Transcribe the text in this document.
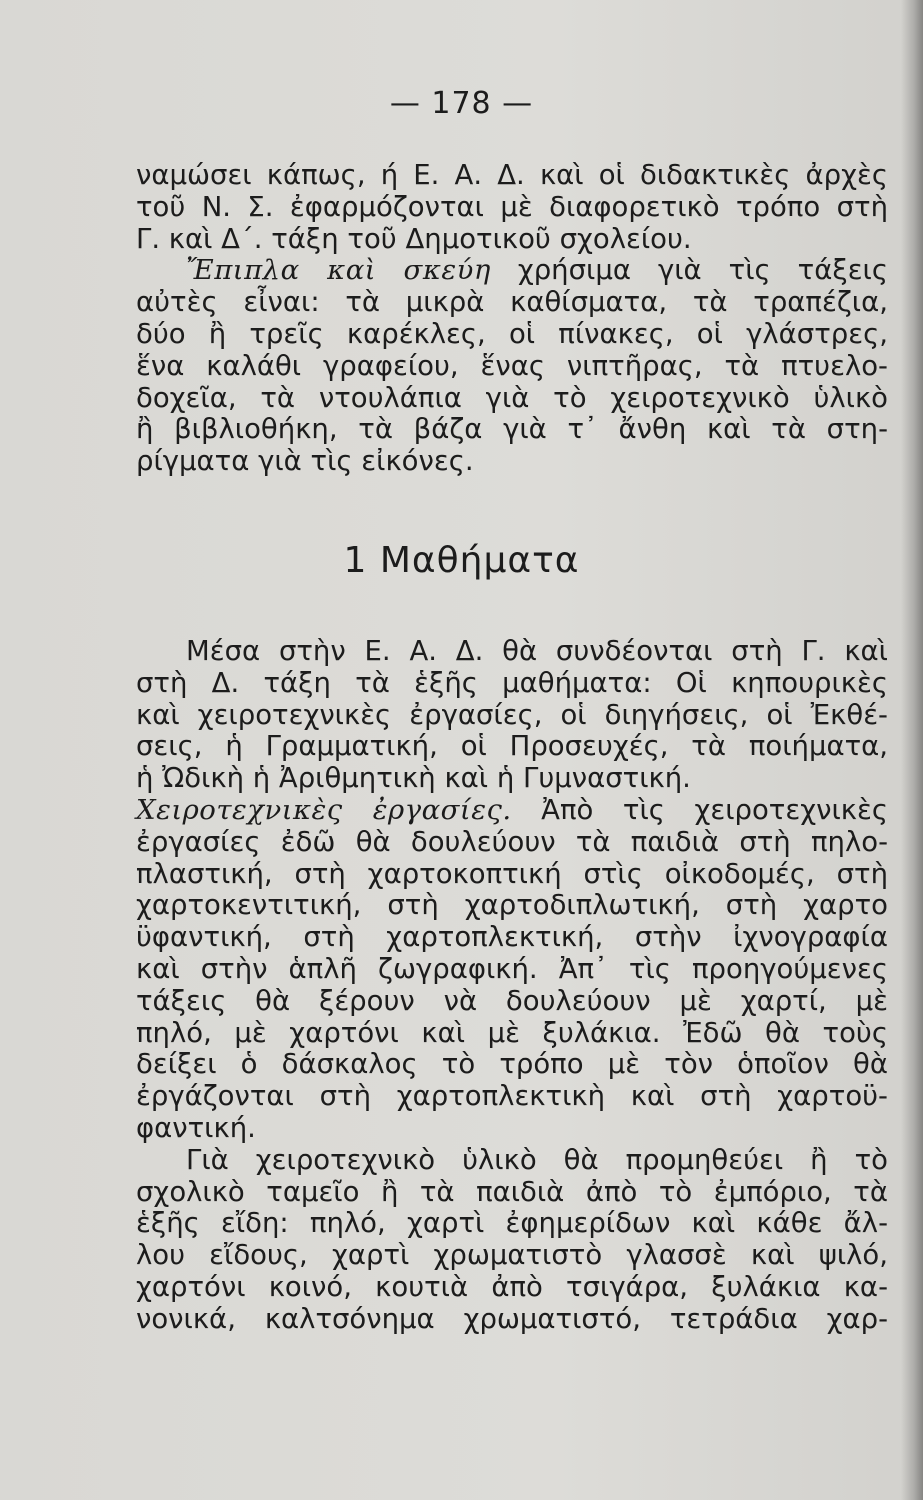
— 178 —
ναμώσει κάπως, ή Ε. Α. Δ. καὶ οἱ διδακτικὲς ἀρχὲς
τοῦ Ν. Σ. ἐφαρμόζονται μὲ διαφορετικὸ τρόπο στὴ
Γ. καὶ Δ΄. τάξη τοῦ Δημοτικοῦ σχολείου.
Ἔπιπλα καὶ σκεύη χρήσιμα γιὰ τὶς τάξεις
αὐτὲς εἶναι: τὰ μικρὰ καθίσματα, τὰ τραπέζια,
δύο ἢ τρεῖς καρέκλες, οἱ πίνακες, οἱ γλάστρες,
ἕνα καλάθι γραφείου, ἕνας νιπτῆρας, τὰ πτυελο-
δοχεῖα, τὰ ντουλάπια γιὰ τὸ χειροτεχνικὸ ὑλικὸ
ἢ βιβλιοθήκη, τὰ βάζα γιὰ τ᾽ ἄνθη καὶ τὰ στη-
ρίγματα γιὰ τὶς εἰκόνες.
1 Μαθήματα
Μέσα στὴν Ε. Α. Δ. θὰ συνδέονται στὴ Γ. καὶ
στὴ Δ. τάξη τὰ ἑξῆς μαθήματα: Οἱ κηπουρικὲς
καὶ χειροτεχνικὲς ἐργασίες, οἱ διηγήσεις, οἱ Ἐκθέ-
σεις, ἡ Γραμματική, οἱ Προσευχές, τὰ ποιήματα,
ἡ Ὠδικὴ ἡ Ἀριθμητικὴ καὶ ἡ Γυμναστική.
Χειροτεχνικὲς ἐργασίες. Ἀπὸ τὶς χειροτεχνικὲς
ἐργασίες ἐδῶ θὰ δουλεύουν τὰ παιδιὰ στὴ πηλο-
πλαστική, στὴ χαρτοκοπτική στὶς οἰκοδομές, στὴ
χαρτοκεντιτική, στὴ χαρτοδιπλωτική, στὴ χαρτο
ϋφαντική, στὴ χαρτοπλεκτική, στὴν ἰχνογραφία
καὶ στὴν ἁπλῆ ζωγραφική. Ἀπ᾽ τὶς προηγούμενες
τάξεις θὰ ξέρουν νὰ δουλεύουν μὲ χαρτί, μὲ
πηλό, μὲ χαρτόνι καὶ μὲ ξυλάκια. Ἐδῶ θὰ τοὺς
δείξει ὁ δάσκαλος τὸ τρόπο μὲ τὸν ὁποῖον θὰ
ἐργάζονται στὴ χαρτοπλεκτικὴ καὶ στὴ χαρτοϋ-
φαντική.
Γιὰ χειροτεχνικὸ ὑλικὸ θὰ προμηθεύει ἢ τὸ
σχολικὸ ταμεῖο ἢ τὰ παιδιὰ ἀπὸ τὸ ἐμπόριο, τὰ
ἑξῆς εἴδη: πηλό, χαρτὶ ἐφημερίδων καὶ κάθε ἄλ-
λου εἴδους, χαρτὶ χρωματιστὸ γλασσὲ καὶ ψιλό,
χαρτόνι κοινό, κουτιὰ ἀπὸ τσιγάρα, ξυλάκια κα-
νονικά, καλτσόνημα χρωματιστό, τετράδια χαρ-
